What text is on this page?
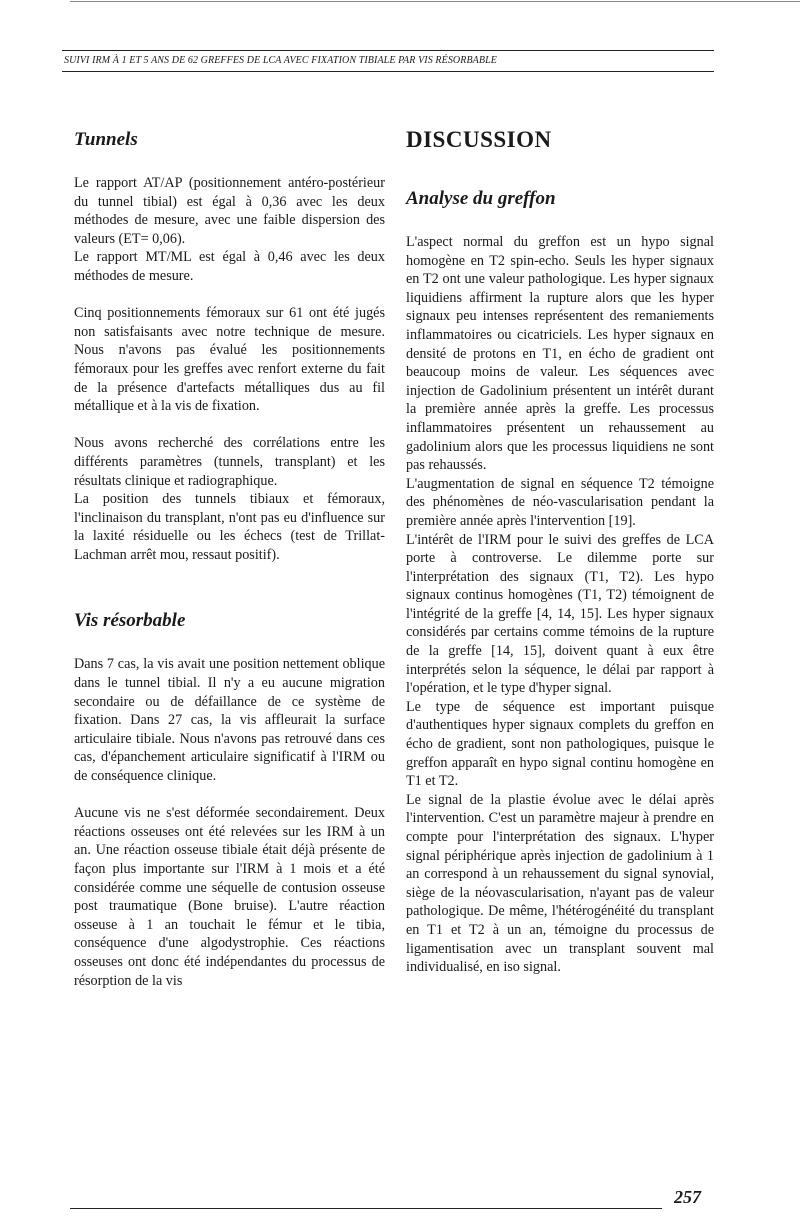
SUIVI IRM À 1 ET 5 ANS DE 62 GREFFES DE LCA AVEC FIXATION TIBIALE PAR VIS RÉSORBABLE
Tunnels

Le rapport AT/AP (positionnement antéro-postérieur du tunnel tibial) est égal à 0,36 avec les deux méthodes de mesure, avec une faible dispersion des valeurs (ET= 0,06).

Le rapport MT/ML est égal à 0,46 avec les deux méthodes de mesure.

Cinq positionnements fémoraux sur 61 ont été jugés non satisfaisants avec notre technique de mesure. Nous n'avons pas évalué les positionnements fémoraux pour les greffes avec renfort externe du fait de la présence d'artefacts métalliques dus au fil métallique et à la vis de fixation.

Nous avons recherché des corrélations entre les différents paramètres (tunnels, transplant) et les résultats clinique et radiographique.

La position des tunnels tibiaux et fémoraux, l'inclinaison du transplant, n'ont pas eu d'influence sur la laxité résiduelle ou les échecs (test de Trillat-Lachman arrêt mou, ressaut positif).

Vis résorbable

Dans 7 cas, la vis avait une position nettement oblique dans le tunnel tibial. Il n'y a eu aucune migration secondaire ou de défaillance de ce système de fixation. Dans 27 cas, la vis affleurait la surface articulaire tibiale. Nous n'avons pas retrouvé dans ces cas, d'épanchement articulaire significatif à l'IRM ou de conséquence clinique.

Aucune vis ne s'est déformée secondairement. Deux réactions osseuses ont été relevées sur les IRM à un an. Une réaction osseuse tibiale était déjà présente de façon plus importante sur l'IRM à 1 mois et a été considérée comme une séquelle de contusion osseuse post traumatique (Bone bruise). L'autre réaction osseuse à 1 an touchait le fémur et le tibia, conséquence d'une algodystrophie. Ces réactions osseuses ont donc été indépendantes du processus de résorption de la vis

DISCUSSION
Analyse du greffon

L'aspect normal du greffon est un hypo signal homogène en T2 spin-echo. Seuls les hyper signaux en T2 ont une valeur pathologique. Les hyper signaux liquidiens affirment la rupture alors que les hyper signaux peu intenses représentent des remaniements inflammatoires ou cicatriciels. Les hyper signaux en densité de protons en T1, en écho de gradient ont beaucoup moins de valeur. Les séquences avec injection de Gadolinium présentent un intérêt durant la première année après la greffe. Les processus inflammatoires présentent un rehaussement au gadolinium alors que les processus liquidiens ne sont pas rehaussés.

L'augmentation de signal en séquence T2 témoigne des phénomènes de néo-vascularisation pendant la première année après l'intervention [19].

L'intérêt de l'IRM pour le suivi des greffes de LCA porte à controverse. Le dilemme porte sur l'interprétation des signaux (T1, T2). Les hypo signaux continus homogènes (T1, T2) témoignent de l'intégrité de la greffe [4, 14, 15]. Les hyper signaux considérés par certains comme témoins de la rupture de la greffe [14, 15], doivent quant à eux être interprétés selon la séquence, le délai par rapport à l'opération, et le type d'hyper signal.

Le type de séquence est important puisque d'authentiques hyper signaux complets du greffon en écho de gradient, sont non pathologiques, puisque le greffon apparaît en hypo signal continu homogène en T1 et T2.

Le signal de la plastie évolue avec le délai après l'intervention. C'est un paramètre majeur à prendre en compte pour l'interprétation des signaux. L'hyper signal périphérique après injection de gadolinium à 1 an correspond à un rehaussement du signal synovial, siège de la néovascularisation, n'ayant pas de valeur pathologique. De même, l'hétérogénéité du transplant en T1 et T2 à un an, témoigne du processus de ligamentisation avec un transplant souvent mal individualisé, en iso signal.

257
